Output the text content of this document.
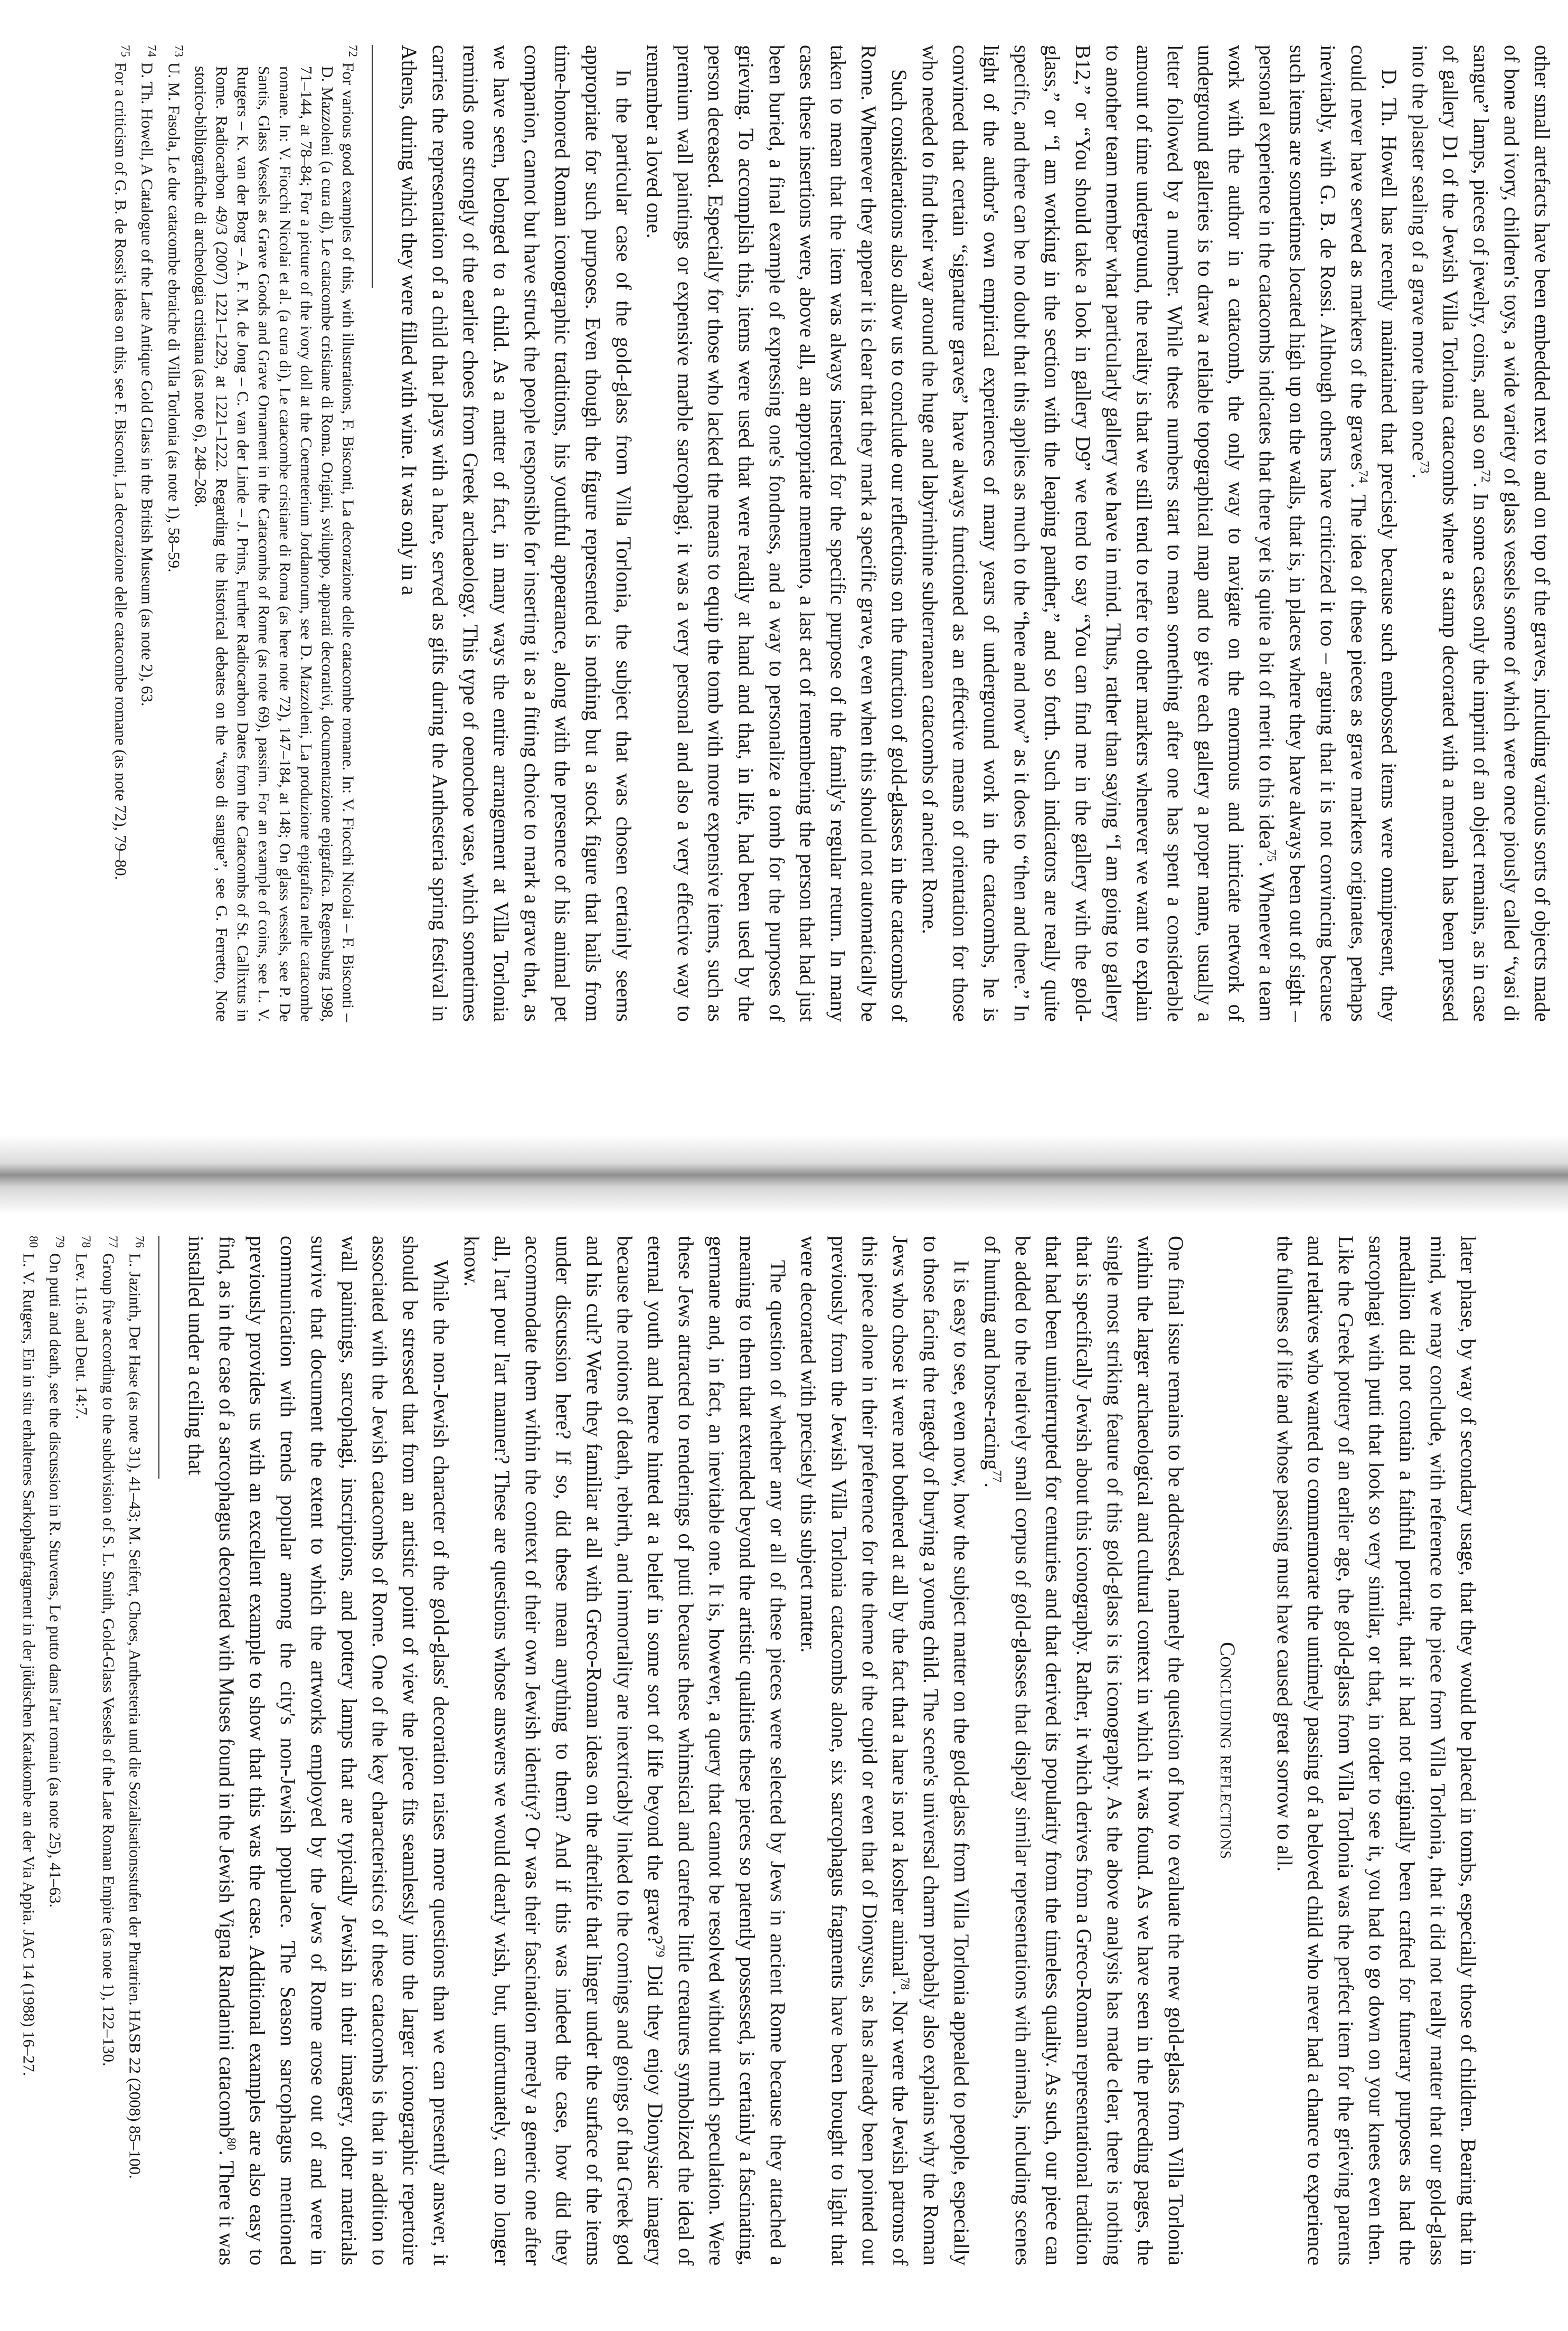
other small artefacts have been embedded next to and on top of the graves, including various sorts of objects made of bone and ivory, children's toys, a wide variety of glass vessels some of which were once piously called “vasi di sangue” lamps, pieces of jewelry, coins, and so on$^{72}$. In some cases only the imprint of an object remains, as in case of gallery D1 of the Jewish Villa Torlonia catacombs where a stamp decorated with a menorah has been pressed into the plaster sealing of a grave more than once$^{73}$.

D. Th. Howell has recently maintained that precisely because such embossed items were omnipresent, they could never have served as markers of the graves$^{74}$. The idea of these pieces as grave markers originates, perhaps inevitably, with G. B. de Rossi. Although others have criticized it too – arguing that it is not convincing because such items are sometimes located high up on the walls, that is, in places where they have always been out of sight – personal experience in the catacombs indicates that there yet is quite a bit of merit to this idea$^{75}$. Whenever a team work with the author in a catacomb, the only way to navigate on the enormous and intricate network of underground galleries is to draw a reliable topographical map and to give each gallery a proper name, usually a letter followed by a number. While these numbers start to mean something after one has spent a considerable amount of time underground, the reality is that we still tend to refer to other markers whenever we want to explain to another team member what particularly gallery we have in mind. Thus, rather than saying “I am going to gallery B12,” or “You should take a look in gallery D9” we tend to say “You can find me in the gallery with the gold-glass,” or “I am working in the section with the leaping panther,” and so forth. Such indicators are really quite specific, and there can be no doubt that this applies as much to the “here and now” as it does to “then and there.” In light of the author's own empirical experiences of many years of underground work in the catacombs, he is convinced that certain “signature graves” have always functioned as an effective means of orientation for those who needed to find their way around the huge and labyrinthine subterranean catacombs of ancient Rome.

Such considerations also allow us to conclude our reflections on the function of gold-glasses in the catacombs of Rome. Whenever they appear it is clear that they mark a specific grave, even when this should not automatically be taken to mean that the item was always inserted for the specific purpose of the family's regular return. In many cases these insertions were, above all, an appropriate memento, a last act of remembering the person that had just been buried, a final example of expressing one's fondness, and a way to personalize a tomb for the purposes of grieving. To accomplish this, items were used that were readily at hand and that, in life, had been used by the person deceased. Especially for those who lacked the means to equip the tomb with more expensive items, such as premium wall paintings or expensive marble sarcophagi, it was a very personal and also a very effective way to remember a loved one.

In the particular case of the gold-glass from Villa Torlonia, the subject that was chosen certainly seems appropriate for such purposes. Even though the figure represented is nothing but a stock figure that hails from time-honored Roman iconographic traditions, his youthful appearance, along with the presence of his animal pet companion, cannot but have struck the people responsible for inserting it as a fitting choice to mark a grave that, as we have seen, belonged to a child. As a matter of fact, in many ways the entire arrangement at Villa Torlonia reminds one strongly of the earlier choes from Greek archaeology. This type of oenochoe vase, which sometimes carries the representation of a child that plays with a hare, served as gifts during the Anthesteria spring festival in Athens, during which they were filled with wine. It was only in a

$^{72}$For various good examples of this, with illustrations, F. Bisconti, La decorazione delle catacombe romane. In: V. Fiocchi Nicolai – F. Bisconti – D. Mazzoleni (a cura di), Le catacombe cristiane di Roma. Origini, sviluppo, apparati decorativi, documentazione epigrafica. Regensburg 1998, 71–144, at 78–84; For a picture of the ivory doll at the Coemeterium Jordanorum, see D. Mazzoleni, La produzione epigrafica nelle catacombe romane. In: V. Fiocchi Nicolai et al. (a cura di), Le catacombe cristiane di Roma (as here note 72), 147–184, at 148; On glass vessels, see P. De Santis, Glass Vessels as Grave Goods and Grave Ornament in the Catacombs of Rome (as note 69), passim. For an example of coins, see L. V. Rutgers – K. van der Borg – A. F. M. de Jong – C. van der Linde – J. Prins, Further Radiocarbon Dates from the Catacombs of St. Callixtus in Rome. Radiocarbon 49/3 (2007) 1221–1229, at 1221–1222. Regarding the historical debates on the “vaso di sangue”, see G. Ferretto, Note storico-bibliografiche di archeologia cristiana (as note 6), 248–268.

$^{73}$U. M. Fasola, Le due catacombe ebraiche di Villa Torlonia (as note 1), 58–59.

$^{74}$D. Th. Howell, A Catalogue of the Late Antique Gold Glass in the British Museum (as note 2), 63.

$^{75}$For a criticism of G. B. de Rossi's ideas on this, see F. Bisconti, La decorazione delle catacombe romane (as note 72), 79–80.

later phase, by way of secondary usage, that they would be placed in tombs, especially those of children. Bearing that in mind, we may conclude, with reference to the piece from Villa Torlonia, that it did not really matter that our gold-glass medallion did not contain a faithful portrait, that it had not originally been crafted for funerary purposes as had the sarcophagi with putti that look so very similar, or that, in order to see it, you had to go down on your knees even then. Like the Greek pottery of an earlier age, the gold-glass from Villa Torlonia was the perfect item for the grieving parents and relatives who wanted to commemorate the untimely passing of a beloved child who never had a chance to experience the fullness of life and whose passing must have caused great sorrow to all.

Concluding reflections

One final issue remains to be addressed, namely the question of how to evaluate the new gold-glass from Villa Torlonia within the larger archaeological and cultural context in which it was found. As we have seen in the preceding pages, the single most striking feature of this gold-glass is its iconography. As the above analysis has made clear, there is nothing that is specifically Jewish about this iconography. Rather, it which derives from a Greco-Roman representational tradition that had been uninterrupted for centuries and that derived its popularity from the timeless quality. As such, our piece can be added to the relatively small corpus of gold-glasses that display similar representations with animals, including scenes of hunting and horse-racing$^{77}$.

It is easy to see, even now, how the subject matter on the gold-glass from Villa Torlonia appealed to people, especially to those facing the tragedy of burying a young child. The scene's universal charm probably also explains why the Roman Jews who chose it were not bothered at all by the fact that a hare is not a kosher animal$^{78}$. Nor were the Jewish patrons of this piece alone in their preference for the theme of the cupid or even that of Dionysus, as has already been pointed out previously from the Jewish Villa Torlonia catacombs alone, six sarcophagus fragments have been brought to light that were decorated with precisely this subject matter.

The question of whether any or all of these pieces were selected by Jews in ancient Rome because they attached a meaning to them that extended beyond the artistic qualities these pieces so patently possessed, is certainly a fascinating, germane and, in fact, an inevitable one. It is, however, a query that cannot be resolved without much speculation. Were these Jews attracted to renderings of putti because these whimsical and carefree little creatures symbolized the ideal of eternal youth and hence hinted at a belief in some sort of life beyond the grave?$^{79}$ Did they enjoy Dionysiac imagery because the notions of death, rebirth, and immortality are inextricably linked to the comings and goings of that Greek god and his cult? Were they familiar at all with Greco-Roman ideas on the afterlife that linger under the surface of the items under discussion here? If so, did these mean anything to them? And if this was indeed the case, how did they accommodate them within the context of their own Jewish identity? Or was their fascination merely a generic one after all, l'art pour l'art manner? These are questions whose answers we would dearly wish, but, unfortunately, can no longer know.

While the non-Jewish character of the gold-glass' decoration raises more questions than we can presently answer, it should be stressed that from an artistic point of view the piece fits seamlessly into the larger iconographic repertoire associated with the Jewish catacombs of Rome. One of the key characteristics of these catacombs is that in addition to wall paintings, sarcophagi, inscriptions, and pottery lamps that are typically Jewish in their imagery, other materials survive that document the extent to which the artworks employed by the Jews of Rome arose out of and were in communication with trends popular among the city's non-Jewish populace. The Season sarcophagus mentioned previously provides us with an excellent example to show that this was the case. Additional examples are also easy to find, as in the case of a sarcophagus decorated with Muses found in the Jewish Vigna Randanini catacomb$^{80}$. There it was installed under a ceiling that

$^{76}$L. Jazinth, Der Hase (as note 31), 41–43; M. Seifert, Choes, Anthesteria und die Sozialisationsstufen der Phratrien. HASB 22 (2008) 85–100.

$^{77}$Group five according to the subdivision of S. L. Smith, Gold-Glass Vessels of the Late Roman Empire (as note 1), 122–130.

$^{78}$Lev. 11:6 and Deut. 14:7.

$^{79}$On putti and death, see the discussion in R. Stuveras, Le putto dans l'art romain (as note 25), 41–63.

$^{80}$L. V. Rutgers, Ein in situ erhaltenes Sarkophagfragment in der jüdischen Katakombe an der Via Appia. JAC 14 (1988) 16–27.
